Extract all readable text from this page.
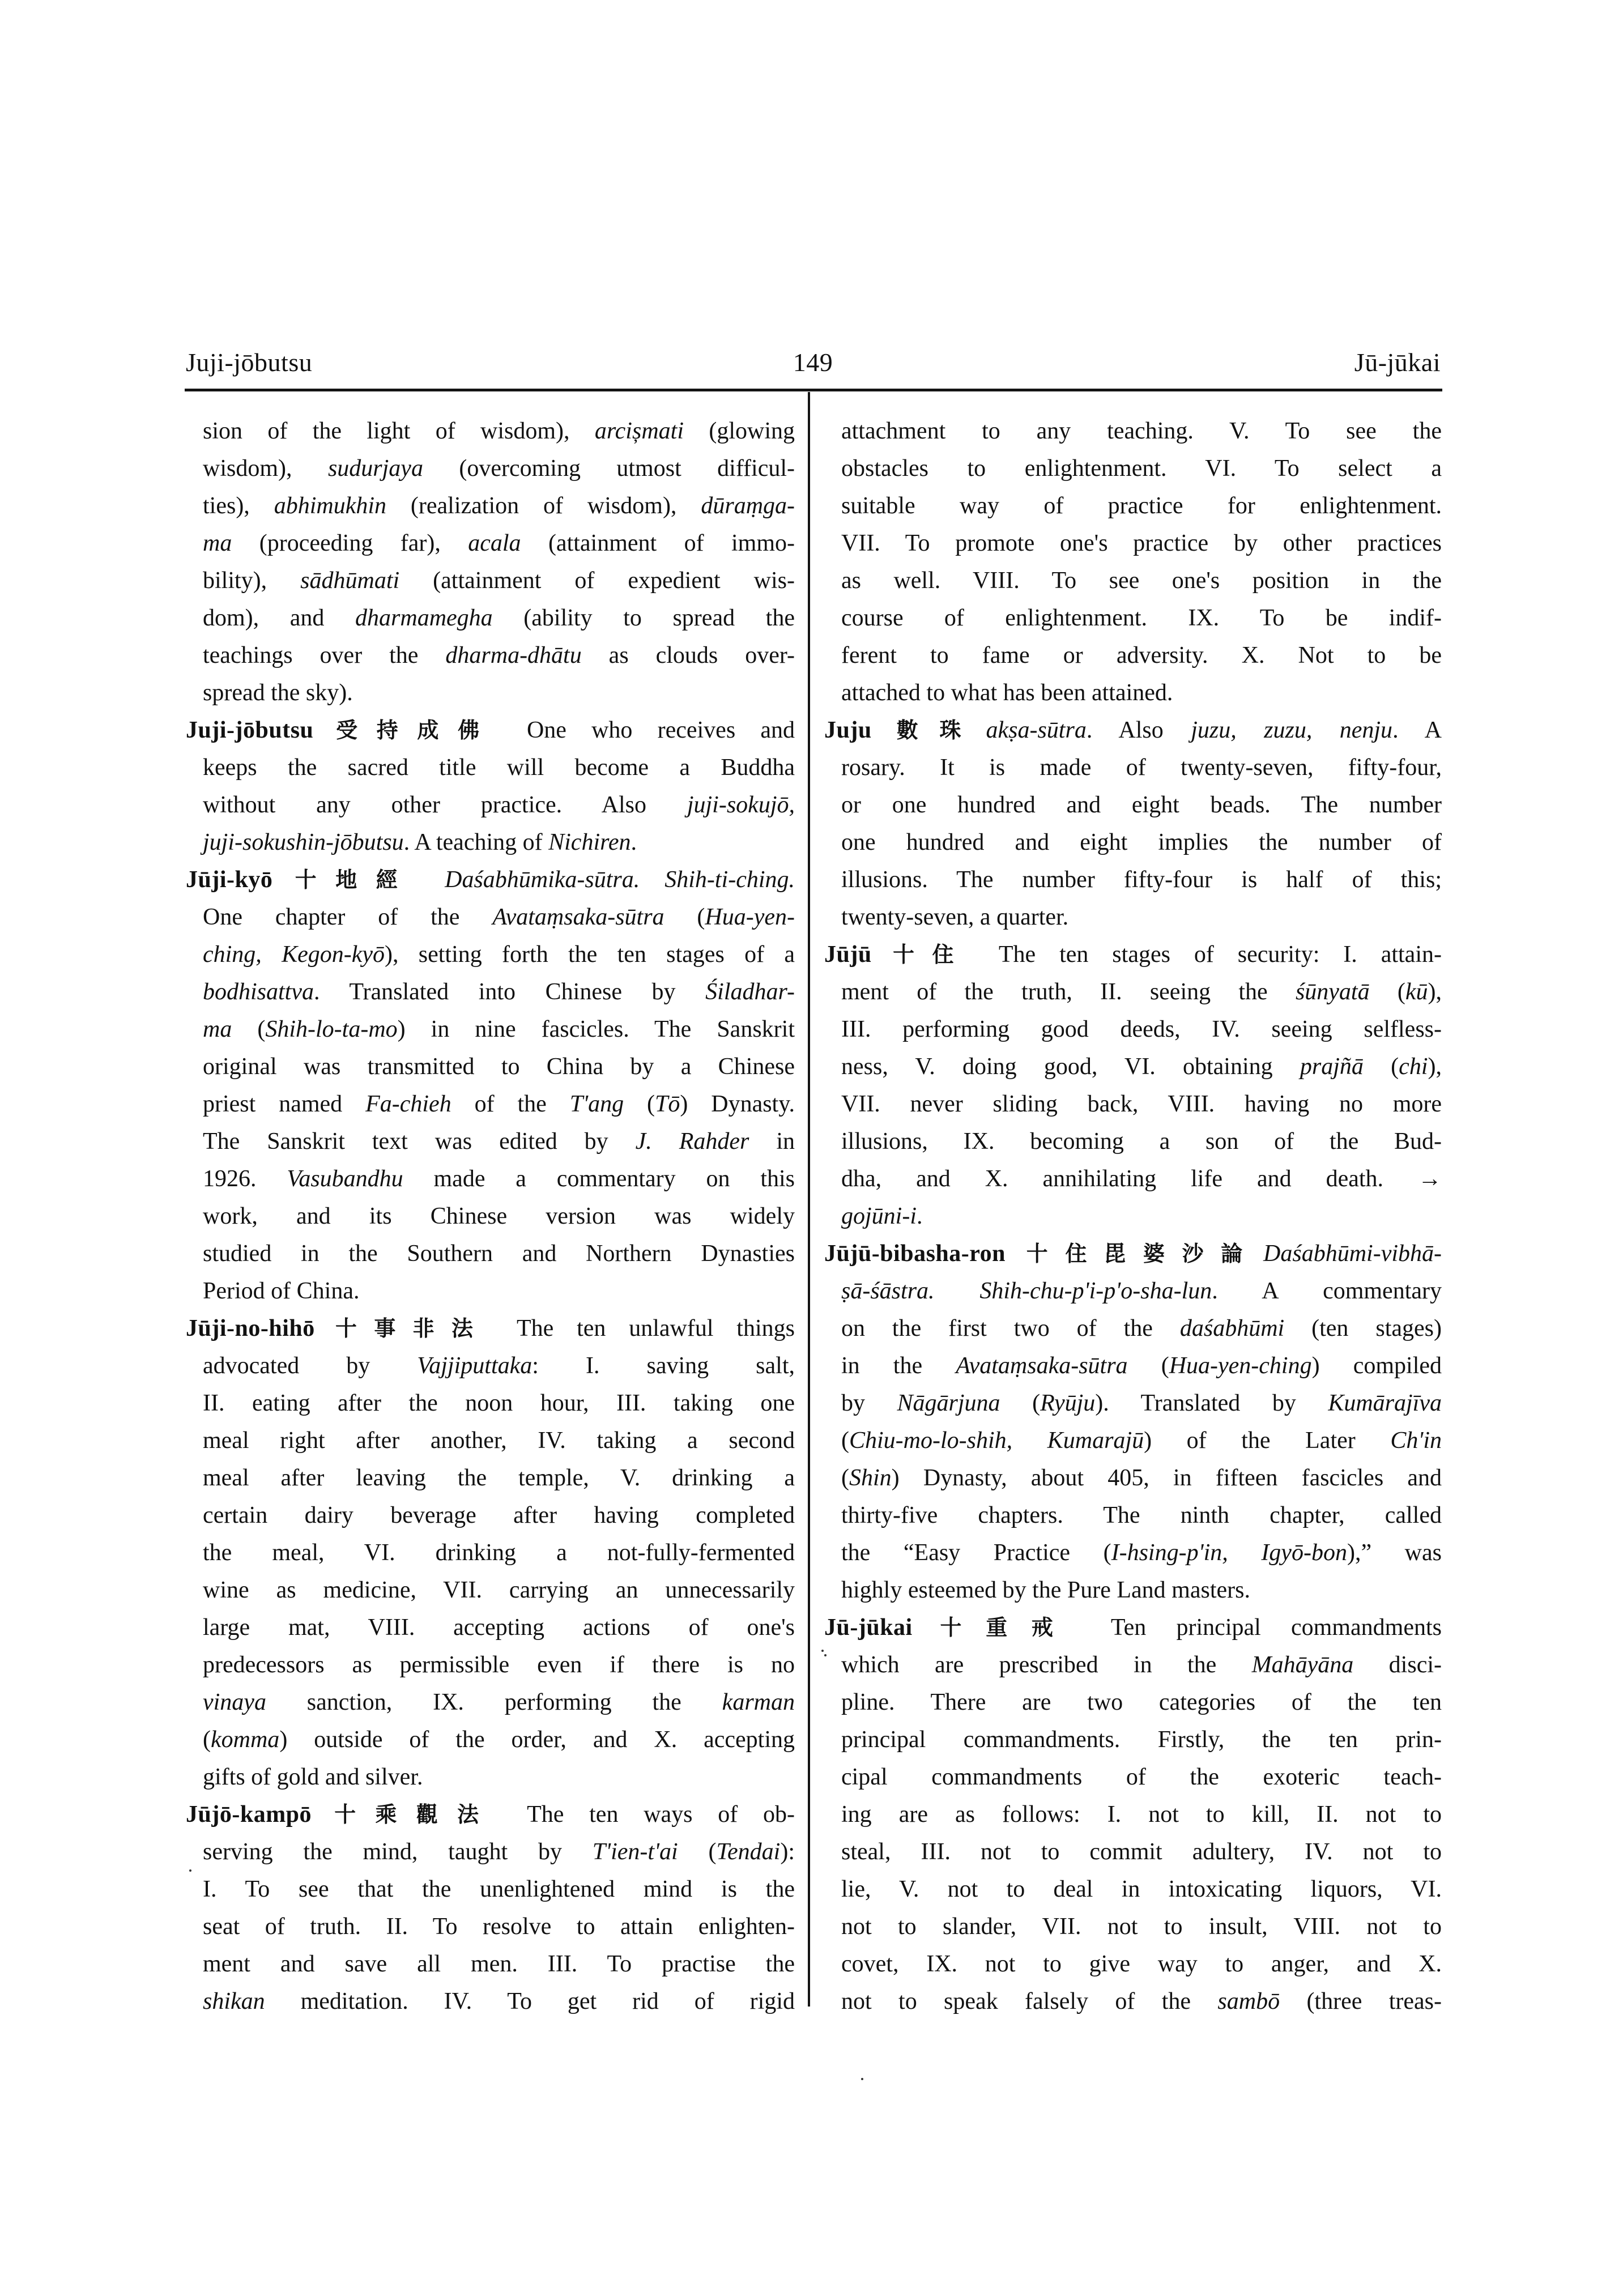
Juji-jōbutsu	149	Jū-jūkai
sion of the light of wisdom), arcișmati (glowing
wisdom), sudurjaya (overcoming utmost difficul-
ties), abhimukhin (realization of wisdom), dūraṃga-
ma (proceeding far), acala (attainment of immo-
bility), sādhūmati (attainment of expedient wis-
dom), and dharmamegha (ability to spread the
teachings over the dharma-dhātu as clouds over-
spread the sky).
Juji-jōbutsu 受持成佛 One who receives and
keeps the sacred title will become a Buddha
without any other practice. Also juji-sokujō,
juji-sokushin-jōbutsu. A teaching of Nichiren.
Jūji-kyō 十地經 Daśabhūmika-sūtra. Shih-ti-ching.
One chapter of the Avataṃsaka-sūtra (Hua-yen-
ching, Kegon-kyō), setting forth the ten stages of a
bodhisattva. Translated into Chinese by Śiladhar-
ma (Shih-lo-ta-mo) in nine fascicles. The Sanskrit
original was transmitted to China by a Chinese
priest named Fa-chieh of the T'ang (Tō) Dynasty.
The Sanskrit text was edited by J. Rahder in
1926. Vasubandhu made a commentary on this
work, and its Chinese version was widely
studied in the Southern and Northern Dynasties
Period of China.
Jūji-no-hihō 十事非法 The ten unlawful things
advocated by Vajjiputtaka: I. saving salt,
II. eating after the noon hour, III. taking one
meal right after another, IV. taking a second
meal after leaving the temple, V. drinking a
certain dairy beverage after having completed
the meal, VI. drinking a not-fully-fermented
wine as medicine, VII. carrying an unnecessarily
large mat, VIII. accepting actions of one's
predecessors as permissible even if there is no
vinaya sanction, IX. performing the karman
(komma) outside of the order, and X. accepting
gifts of gold and silver.
Jūjō-kampō 十乘觀法 The ten ways of ob-
serving the mind, taught by T'ien-t'ai (Tendai):
I. To see that the unenlightened mind is the
seat of truth. II. To resolve to attain enlighten-
ment and save all men. III. To practise the
shikan meditation. IV. To get rid of rigid
attachment to any teaching. V. To see the
obstacles to enlightenment. VI. To select a
suitable way of practice for enlightenment.
VII. To promote one's practice by other practices
as well. VIII. To see one's position in the
course of enlightenment. IX. To be indif-
ferent to fame or adversity. X. Not to be
attached to what has been attained.
Juju 數珠 akṣa-sūtra. Also juzu, zuzu, nenju. A
rosary. It is made of twenty-seven, fifty-four,
or one hundred and eight beads. The number
one hundred and eight implies the number of
illusions. The number fifty-four is half of this;
twenty-seven, a quarter.
Jūjū 十住 The ten stages of security: I. attain-
ment of the truth, II. seeing the śūnyatā (kū),
III. performing good deeds, IV. seeing selfless-
ness, V. doing good, VI. obtaining prajñā (chi),
VII. never sliding back, VIII. having no more
illusions, IX. becoming a son of the Bud-
dha, and X. annihilating life and death. →
gojūni-i.
Jūjū-bibasha-ron 十住毘婆沙論 Daśabhūmi-vibhā-
ṣā-śāstra. Shih-chu-p'i-p'o-sha-lun. A commentary
on the first two of the daśabhūmi (ten stages)
in the Avataṃsaka-sūtra (Hua-yen-ching) compiled
by Nāgārjuna (Ryūju). Translated by Kumārajīva
(Chiu-mo-lo-shih, Kumarajū) of the Later Ch'in
(Shin) Dynasty, about 405, in fifteen fascicles and
thirty-five chapters. The ninth chapter, called
the “Easy Practice (I-hsing-p'in, Igyō-bon),” was
highly esteemed by the Pure Land masters.
Jū-jūkai 十重戒 Ten principal commandments
which are prescribed in the Mahāyāna disci-
pline. There are two categories of the ten
principal commandments. Firstly, the ten prin-
cipal commandments of the exoteric teach-
ing are as follows: I. not to kill, II. not to
steal, III. not to commit adultery, IV. not to
lie, V. not to deal in intoxicating liquors, VI.
not to slander, VII. not to insult, VIII. not to
covet, IX. not to give way to anger, and X.
not to speak falsely of the sambō (three treas-
